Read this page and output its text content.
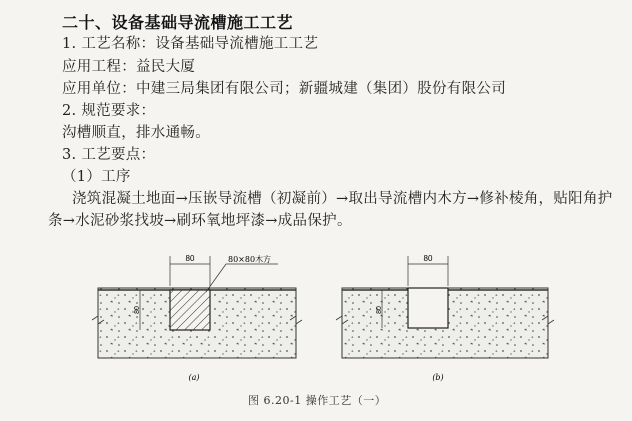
二十、设备基础导流槽施工工艺
1. 工艺名称：设备基础导流槽施工工艺
应用工程：益民大厦
应用单位：中建三局集团有限公司；新疆城建（集团）股份有限公司
2. 规范要求：
沟槽顺直，排水通畅。
3. 工艺要点：
（1）工序
浇筑混凝土地面→压嵌导流槽（初凝前）→取出导流槽内木方→修补棱角，贴阳角护
条→水泥砂浆找坡→刷环氧地坪漆→成品保护。
80
80
80×80木方
(a)
80
80
(b)
图 6.20-1 操作工艺（一）
